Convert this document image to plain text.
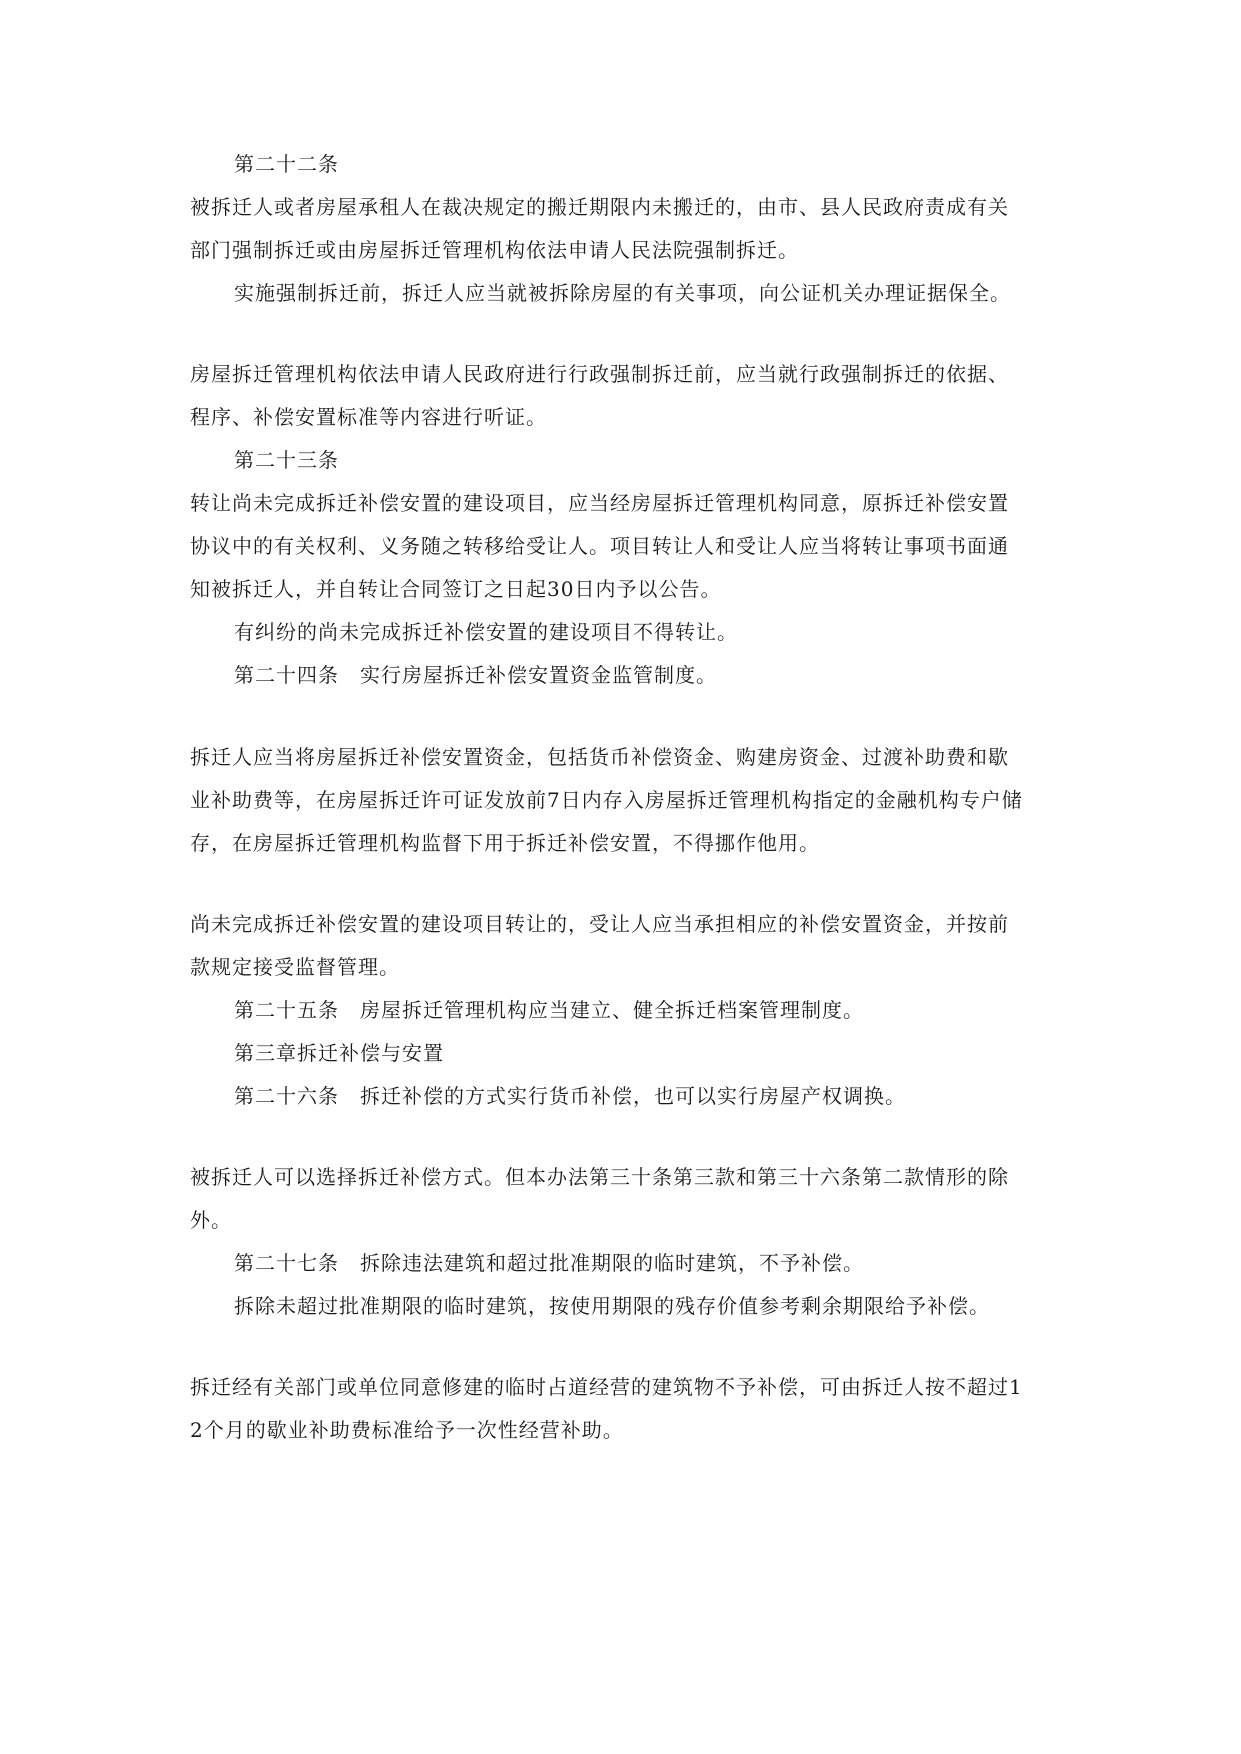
第二十二条
被拆迁人或者房屋承租人在裁决规定的搬迁期限内未搬迁的，由市、县人民政府责成有关
部门强制拆迁或由房屋拆迁管理机构依法申请人民法院强制拆迁。
实施强制拆迁前，拆迁人应当就被拆除房屋的有关事项，向公证机关办理证据保全。
房屋拆迁管理机构依法申请人民政府进行行政强制拆迁前，应当就行政强制拆迁的依据、
程序、补偿安置标准等内容进行听证。
第二十三条
转让尚未完成拆迁补偿安置的建设项目，应当经房屋拆迁管理机构同意，原拆迁补偿安置
协议中的有关权利、义务随之转移给受让人。项目转让人和受让人应当将转让事项书面通
知被拆迁人，并自转让合同签订之日起30日内予以公告。
有纠纷的尚未完成拆迁补偿安置的建设项目不得转让。
第二十四条　实行房屋拆迁补偿安置资金监管制度。
拆迁人应当将房屋拆迁补偿安置资金，包括货币补偿资金、购建房资金、过渡补助费和歇
业补助费等，在房屋拆迁许可证发放前7日内存入房屋拆迁管理机构指定的金融机构专户储
存，在房屋拆迁管理机构监督下用于拆迁补偿安置，不得挪作他用。
尚未完成拆迁补偿安置的建设项目转让的，受让人应当承担相应的补偿安置资金，并按前
款规定接受监督管理。
第二十五条　房屋拆迁管理机构应当建立、健全拆迁档案管理制度。
第三章拆迁补偿与安置
第二十六条　拆迁补偿的方式实行货币补偿，也可以实行房屋产权调换。
被拆迁人可以选择拆迁补偿方式。但本办法第三十条第三款和第三十六条第二款情形的除
外。
第二十七条　拆除违法建筑和超过批准期限的临时建筑，不予补偿。
拆除未超过批准期限的临时建筑，按使用期限的残存价值参考剩余期限给予补偿。
拆迁经有关部门或单位同意修建的临时占道经营的建筑物不予补偿，可由拆迁人按不超过1
2个月的歇业补助费标准给予一次性经营补助。
